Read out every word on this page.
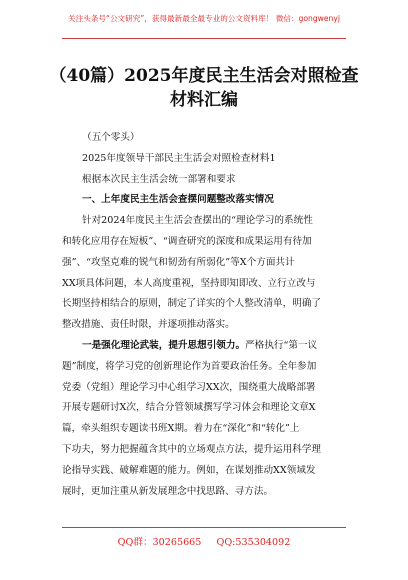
关注头条号“公文研究”，获得最新最全最专业的公文资料库！ 微信：gongwenyj
（40篇）2025年度民主生活会对照检查
材料汇编
（五个零头）
2025年度领导干部民主生活会对照检查材料1
根据本次民主生活会统一部署和要求
一、上年度民主生活会查摆问题整改落实情况
针对2024年度民主生活会查摆出的“理论学习的系统性
和转化应用存在短板”、“调查研究的深度和成果运用有待加
强”、“攻坚克难的锐气和韧劲有所弱化”等X个方面共计
XX项具体问题，本人高度重视，坚持即知即改、立行立改与
长期坚持相结合的原则，制定了详实的个人整改清单，明确了
整改措施、责任时限，并逐项推动落实。
一是强化理论武装，提升思想引领力。严格执行“第一议
题”制度，将学习党的创新理论作为首要政治任务。全年参加
党委（党组）理论学习中心组学习XX次，围绕重大战略部署
开展专题研讨X次，结合分管领域撰写学习体会和理论文章X
篇，牵头组织专题读书班X期。着力在“深化”和“转化”上
下功夫，努力把握蕴含其中的立场观点方法，提升运用科学理
论指导实践、破解难题的能力。例如，在谋划推动XX领域发
展时，更加注重从新发展理念中找思路、寻方法。
QQ群：30265665 QQ:535304092
